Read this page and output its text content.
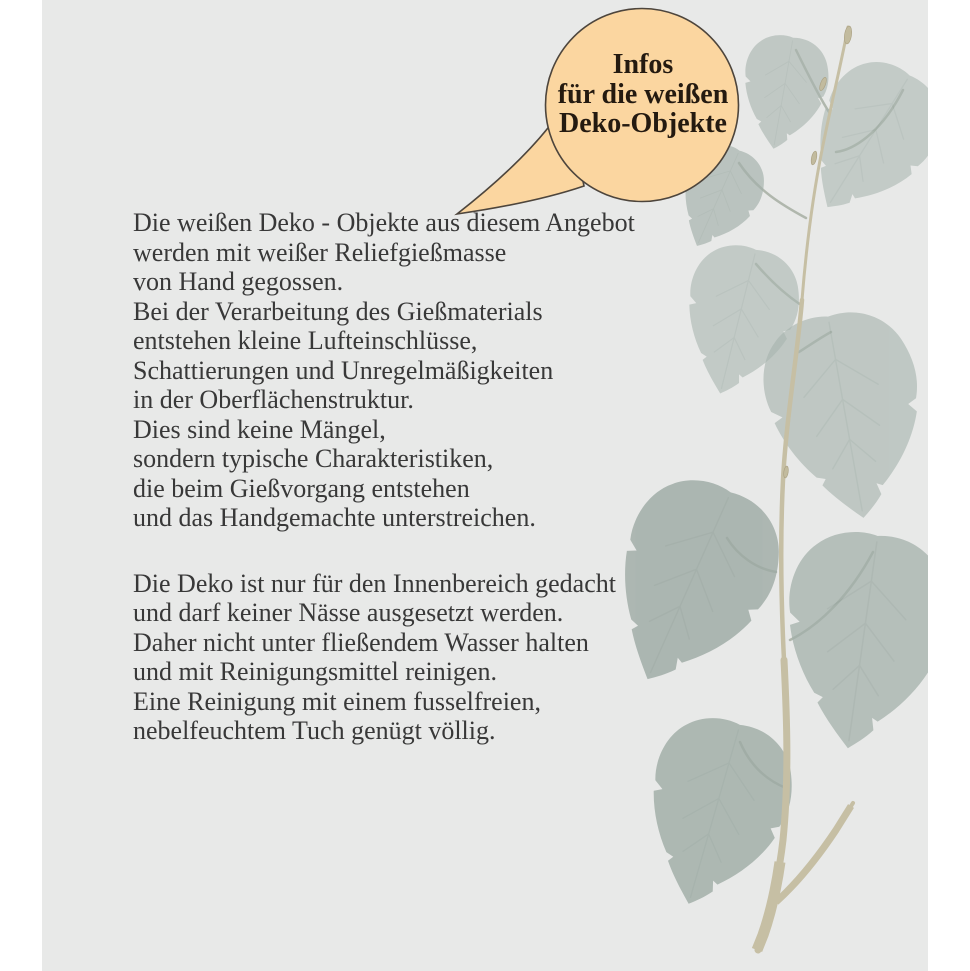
Infos
für die weißen
Deko-Objekte

Die weißen Deko - Objekte aus diesem Angebot
werden mit weißer Reliefgießmasse
von Hand gegossen.
Bei der Verarbeitung des Gießmaterials
entstehen kleine Lufteinschlüsse,
Schattierungen und Unregelmäßigkeiten
in der Oberflächenstruktur.
Dies sind keine Mängel,
sondern typische Charakteristiken,
die beim Gießvorgang entstehen
und das Handgemachte unterstreichen.

Die Deko ist nur für den Innenbereich gedacht
und darf keiner Nässe ausgesetzt werden.
Daher nicht unter fließendem Wasser halten
und mit Reinigungsmittel reinigen.
Eine Reinigung mit einem fusselfreien,
nebelfeuchtem Tuch genügt völlig.
